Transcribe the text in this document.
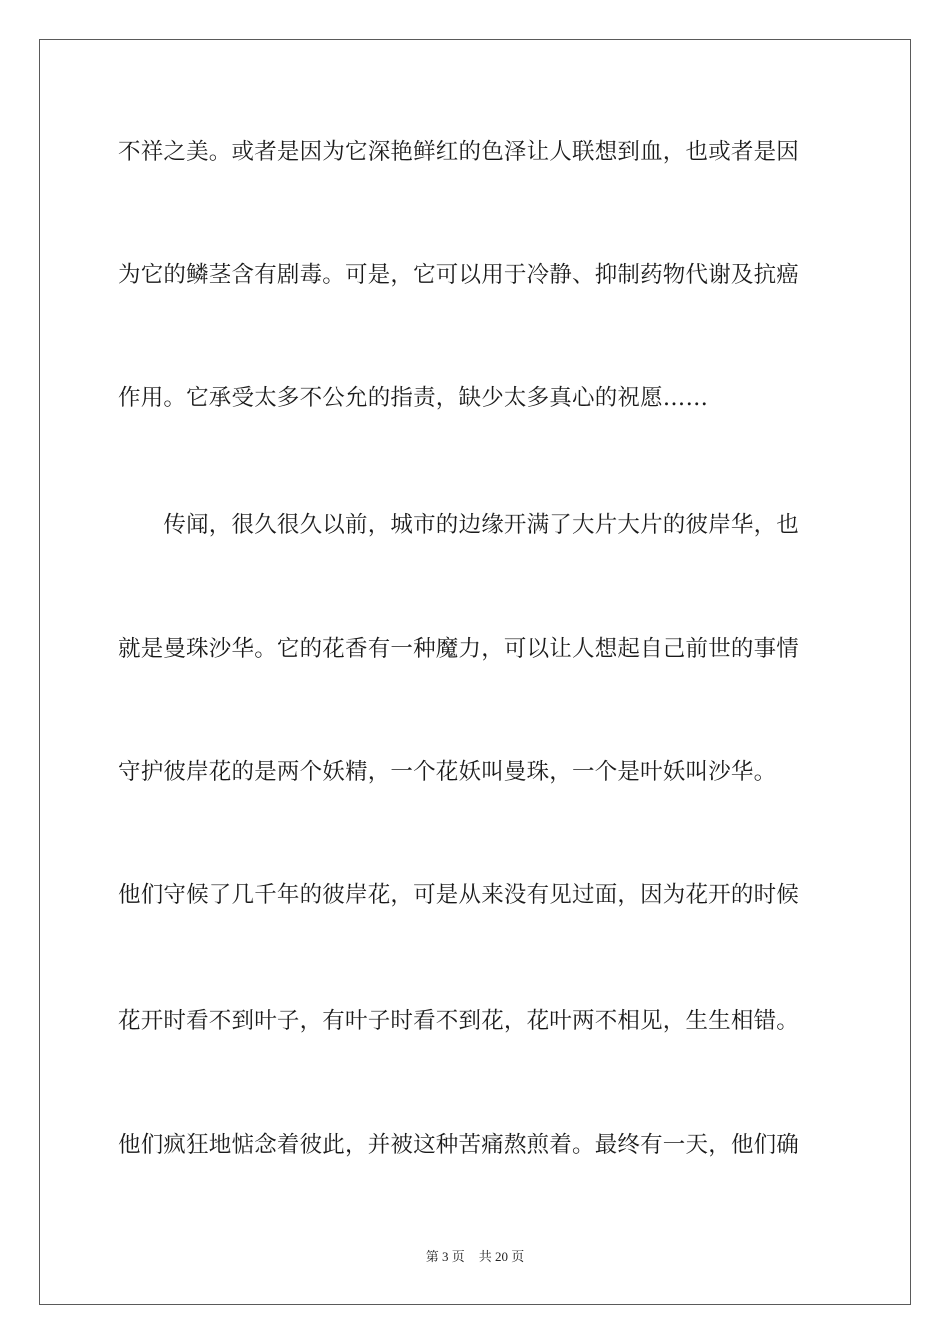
不祥之美。或者是因为它深艳鲜红的色泽让人联想到血，也或者是因
为它的鳞茎含有剧毒。可是，它可以用于冷静、抑制药物代谢及抗癌
作用。它承受太多不公允的指责，缺少太多真心的祝愿……
　　传闻，很久很久以前，城市的边缘开满了大片大片的彼岸华，也
就是曼珠沙华。它的花香有一种魔力，可以让人想起自己前世的事情
守护彼岸花的是两个妖精，一个花妖叫曼珠，一个是叶妖叫沙华。
他们守候了几千年的彼岸花，可是从来没有见过面，因为花开的时候
花开时看不到叶子，有叶子时看不到花，花叶两不相见，生生相错。
他们疯狂地惦念着彼此，并被这种苦痛熬煎着。最终有一天，他们确
第 3 页 共 20 页
